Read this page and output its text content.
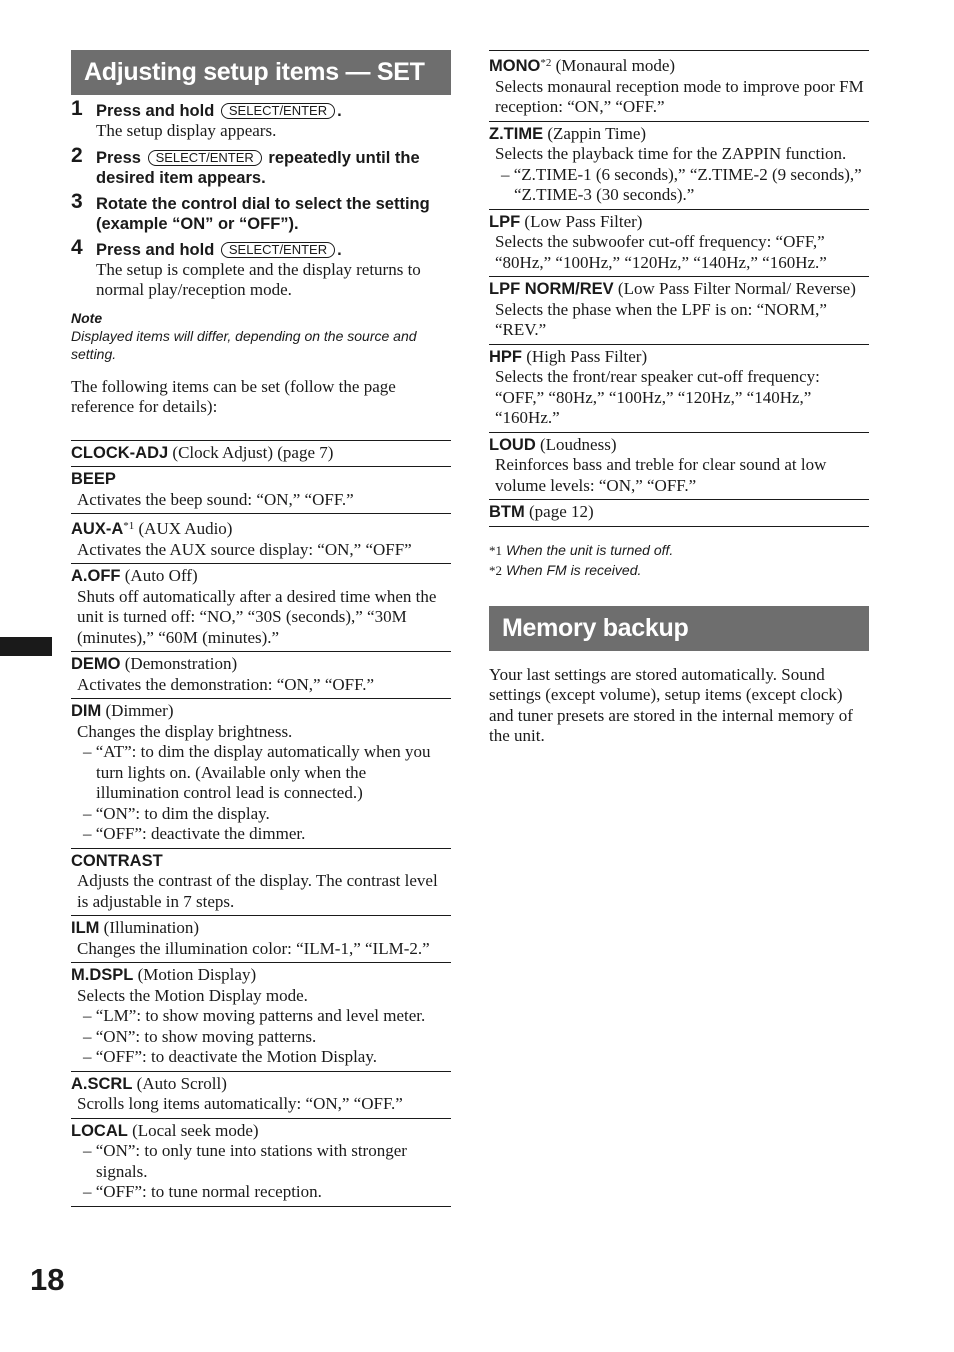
Adjusting setup items — SET
1 Press and hold SELECT/ENTER .
The setup display appears.
2 Press SELECT/ENTER repeatedly until the desired item appears.
3 Rotate the control dial to select the setting (example “ON” or “OFF”).
4 Press and hold SELECT/ENTER .
The setup is complete and the display returns to normal play/reception mode.
Note
Displayed items will differ, depending on the source and setting.
The following items can be set (follow the page reference for details):
CLOCK-ADJ (Clock Adjust) (page 7)
BEEP
Activates the beep sound: “ON,” “OFF.”
AUX-$A^{*1}$ (AUX Audio)
Activates the AUX source display: “ON,” “OFF”
A.OFF (Auto Off)
Shuts off automatically after a desired time when the unit is turned off: “NO,” “30S (seconds),” “30M (minutes),” “60M (minutes).”
DEMO (Demonstration)
Activates the demonstration: “ON,” “OFF.”
DIM (Dimmer)
Changes the display brightness.
– “AT”: to dim the display automatically when you turn lights on. (Available only when the illumination control lead is connected.)
– “ON”: to dim the display.
– “OFF”: deactivate the dimmer.
CONTRAST
Adjusts the contrast of the display. The contrast level is adjustable in 7 steps.
ILM (Illumination)
Changes the illumination color: “ILM-1,” “ILM-2.”
M.DSPL (Motion Display)
Selects the Motion Display mode.
– “LM”: to show moving patterns and level meter.
– “ON”: to show moving patterns.
– “OFF”: to deactivate the Motion Display.
A.SCRL (Auto Scroll)
Scrolls long items automatically: “ON,” “OFF.”
LOCAL (Local seek mode)
– “ON”: to only tune into stations with stronger signals.
– “OFF”: to tune normal reception.
MONO$^{*2}$ (Monaural mode)
Selects monaural reception mode to improve poor FM reception: “ON,” “OFF.”
Z.TIME (Zappin Time)
Selects the playback time for the ZAPPIN function.
– “Z.TIME-1 (6 seconds),” “Z.TIME-2 (9 seconds),” “Z.TIME-3 (30 seconds).”
LPF (Low Pass Filter)
Selects the subwoofer cut-off frequency: “OFF,” “80Hz,” “100Hz,” “120Hz,” “140Hz,” “160Hz.”
LPF NORM/REV (Low Pass Filter Normal/ Reverse)
Selects the phase when the LPF is on: “NORM,” “REV.”
HPF (High Pass Filter)
Selects the front/rear speaker cut-off frequency: “OFF,” “80Hz,” “100Hz,” “120Hz,” “140Hz,” “160Hz.”
LOUD (Loudness)
Reinforces bass and treble for clear sound at low volume levels: “ON,” “OFF.”
BTM (page 12)
*1 When the unit is turned off.
*2 When FM is received.
Memory backup
Your last settings are stored automatically. Sound settings (except volume), setup items (except clock) and tuner presets are stored in the internal memory of the unit.
18
